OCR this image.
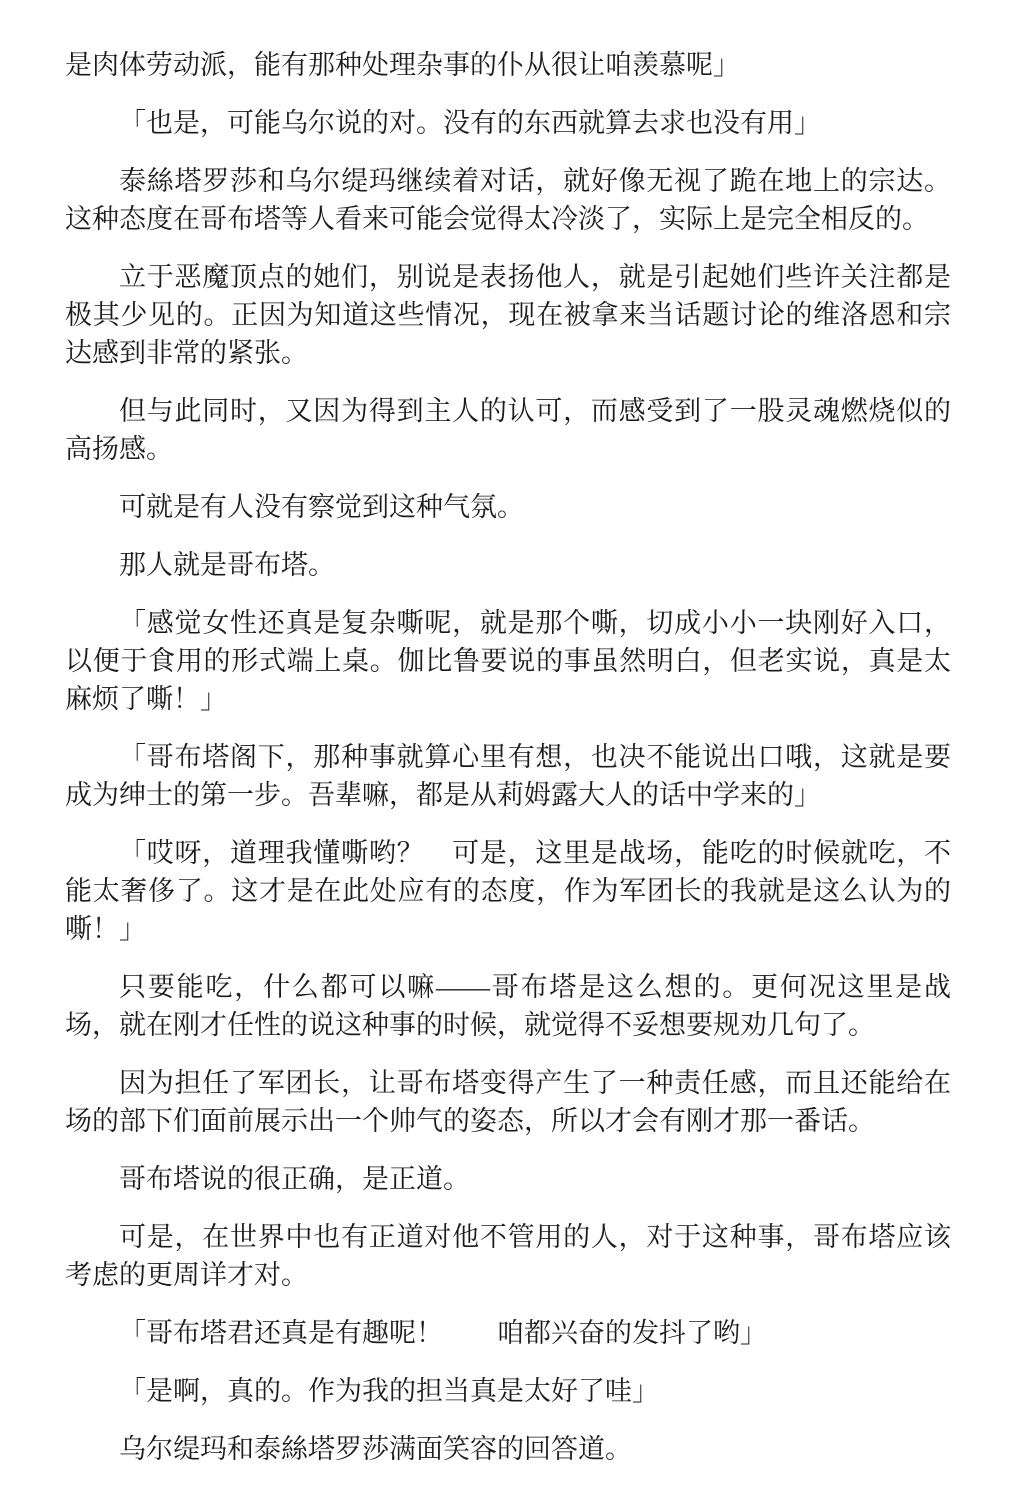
是肉体劳动派，能有那种处理杂事的仆从很让咱羡慕呢」

「也是，可能乌尔说的对。没有的东西就算去求也没有用」

泰絲塔罗莎和乌尔缇玛继续着对话，就好像无视了跪在地上的宗达。这种态度在哥布塔等人看来可能会觉得太冷淡了，实际上是完全相反的。

立于恶魔顶点的她们，别说是表扬他人，就是引起她们些许关注都是极其少见的。正因为知道这些情况，现在被拿来当话题讨论的维洛恩和宗达感到非常的紧张。

但与此同时，又因为得到主人的认可，而感受到了一股灵魂燃烧似的高扬感。

可就是有人没有察觉到这种气氛。

那人就是哥布塔。

「感觉女性还真是复杂嘶呢，就是那个嘶，切成小小一块刚好入口，以便于食用的形式端上桌。伽比鲁要说的事虽然明白，但老实说，真是太麻烦了嘶！」

「哥布塔阁下，那种事就算心里有想，也决不能说出口哦，这就是要成为绅士的第一步。吾辈嘛，都是从莉姆露大人的话中学来的」

「哎呀，道理我懂嘶哟？　可是，这里是战场，能吃的时候就吃，不能太奢侈了。这才是在此处应有的态度，作为军团长的我就是这么认为的嘶！」

只要能吃，什么都可以嘛——哥布塔是这么想的。更何况这里是战场，就在刚才任性的说这种事的时候，就觉得不妥想要规劝几句了。

因为担任了军团长，让哥布塔变得产生了一种责任感，而且还能给在场的部下们面前展示出一个帅气的姿态，所以才会有刚才那一番话。

哥布塔说的很正确，是正道。

可是，在世界中也有正道对他不管用的人，对于这种事，哥布塔应该考虑的更周详才对。

「哥布塔君还真是有趣呢！　　咱都兴奋的发抖了哟」

「是啊，真的。作为我的担当真是太好了哇」

乌尔缇玛和泰絲塔罗莎满面笑容的回答道。
